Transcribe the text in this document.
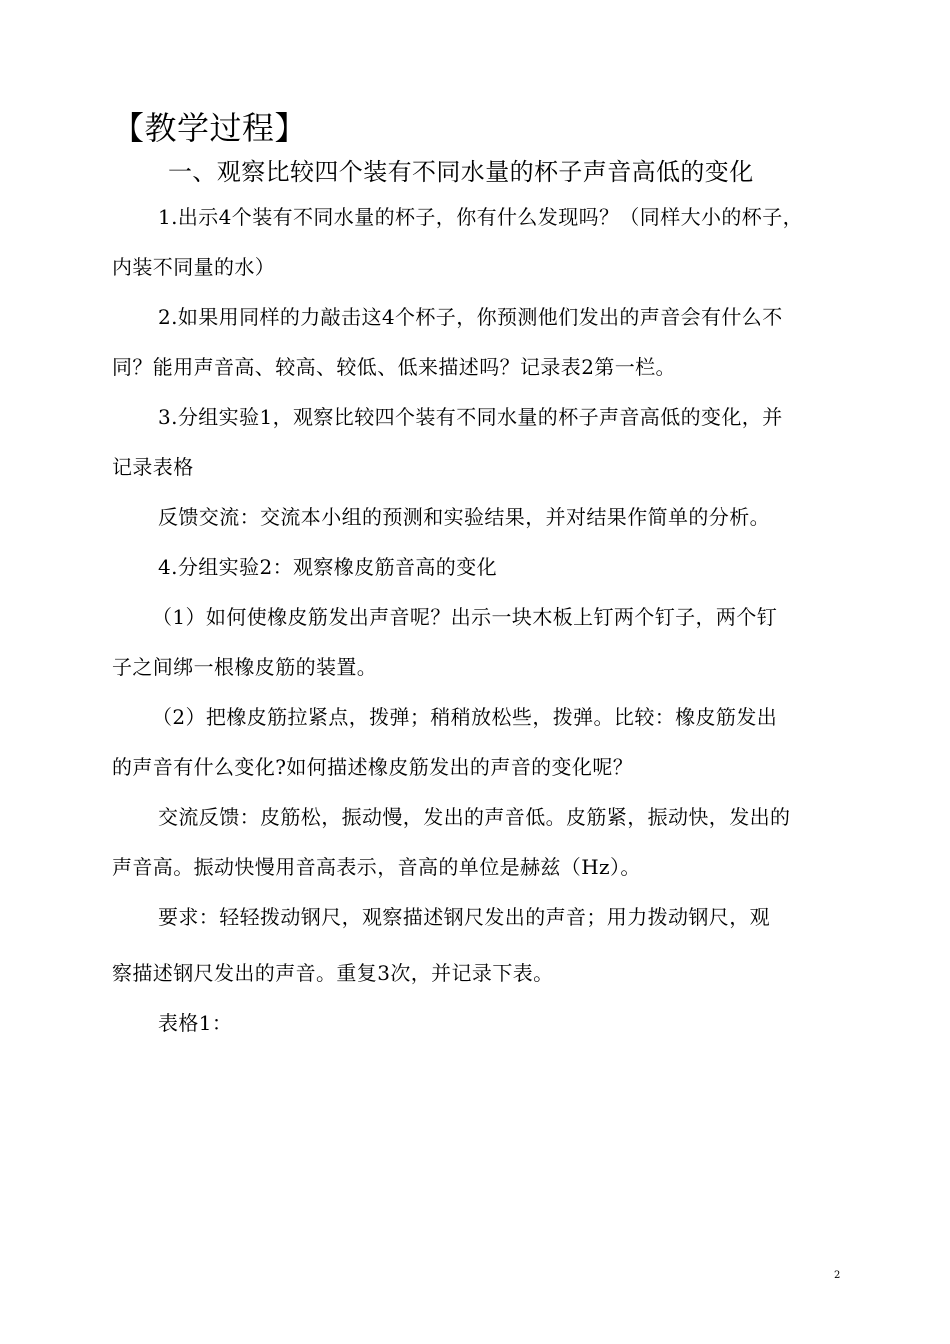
【教学过程】
一、观察比较四个装有不同水量的杯子声音高低的变化
1.出示4个装有不同水量的杯子，你有什么发现吗？（同样大小的杯子，
内装不同量的水）
2.如果用同样的力敲击这4个杯子，你预测他们发出的声音会有什么不
同？能用声音高、较高、较低、低来描述吗？记录表2第一栏。
3.分组实验1，观察比较四个装有不同水量的杯子声音高低的变化，并
记录表格
反馈交流：交流本小组的预测和实验结果，并对结果作简单的分析。
4.分组实验2：观察橡皮筋音高的变化
（1）如何使橡皮筋发出声音呢？出示一块木板上钉两个钉子，两个钉
子之间绑一根橡皮筋的装置。
（2）把橡皮筋拉紧点，拨弹；稍稍放松些，拨弹。比较：橡皮筋发出
的声音有什么变化?如何描述橡皮筋发出的声音的变化呢？
交流反馈：皮筋松，振动慢，发出的声音低。皮筋紧，振动快，发出的
声音高。振动快慢用音高表示，音高的单位是赫兹（Hz）。
要求：轻轻拨动钢尺，观察描述钢尺发出的声音；用力拨动钢尺，观
察描述钢尺发出的声音。重复3次，并记录下表。
表格1：
2
